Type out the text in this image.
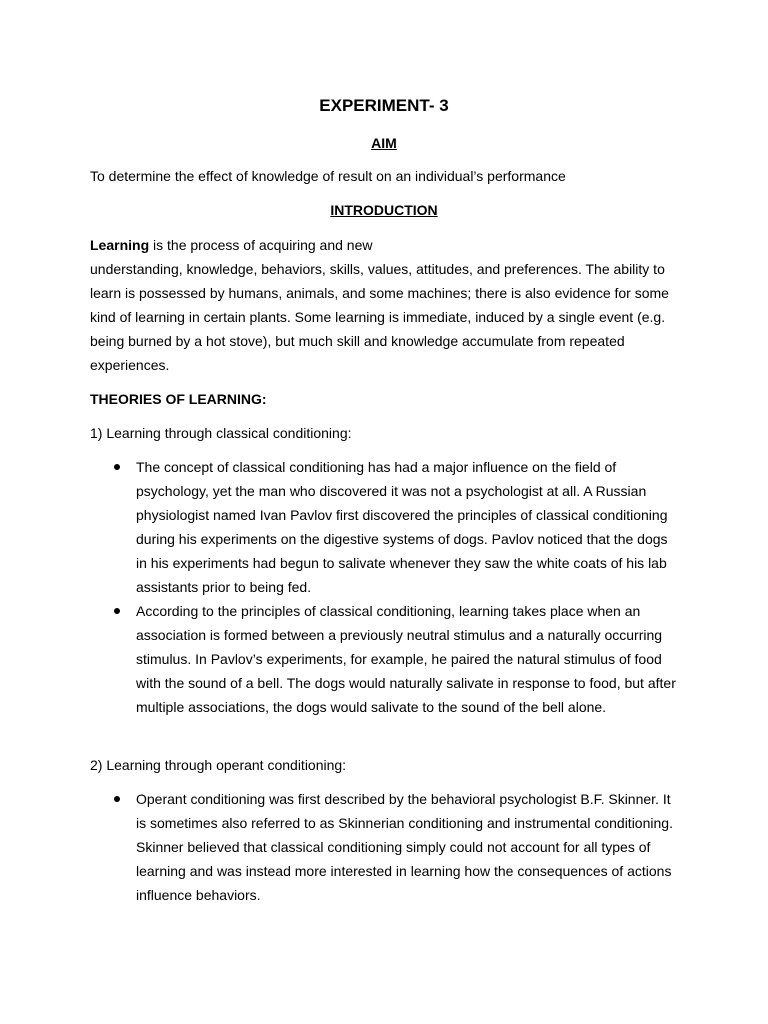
EXPERIMENT- 3
AIM
To determine the effect of knowledge of result on an individual’s performance
INTRODUCTION
Learning is the process of acquiring and new
understanding, knowledge, behaviors, skills, values, attitudes, and preferences. The ability to learn is possessed by humans, animals, and some machines; there is also evidence for some kind of learning in certain plants. Some learning is immediate, induced by a single event (e.g. being burned by a hot stove), but much skill and knowledge accumulate from repeated experiences.
THEORIES OF LEARNING:
1) Learning through classical conditioning:
The concept of classical conditioning has had a major influence on the field of psychology, yet the man who discovered it was not a psychologist at all. A Russian physiologist named Ivan Pavlov first discovered the principles of classical conditioning during his experiments on the digestive systems of dogs. Pavlov noticed that the dogs in his experiments had begun to salivate whenever they saw the white coats of his lab assistants prior to being fed.
According to the principles of classical conditioning, learning takes place when an association is formed between a previously neutral stimulus and a naturally occurring stimulus. In Pavlov’s experiments, for example, he paired the natural stimulus of food with the sound of a bell. The dogs would naturally salivate in response to food, but after multiple associations, the dogs would salivate to the sound of the bell alone.
2) Learning through operant conditioning:
Operant conditioning was first described by the behavioral psychologist B.F. Skinner. It is sometimes also referred to as Skinnerian conditioning and instrumental conditioning. Skinner believed that classical conditioning simply could not account for all types of learning and was instead more interested in learning how the consequences of actions influence behaviors.
